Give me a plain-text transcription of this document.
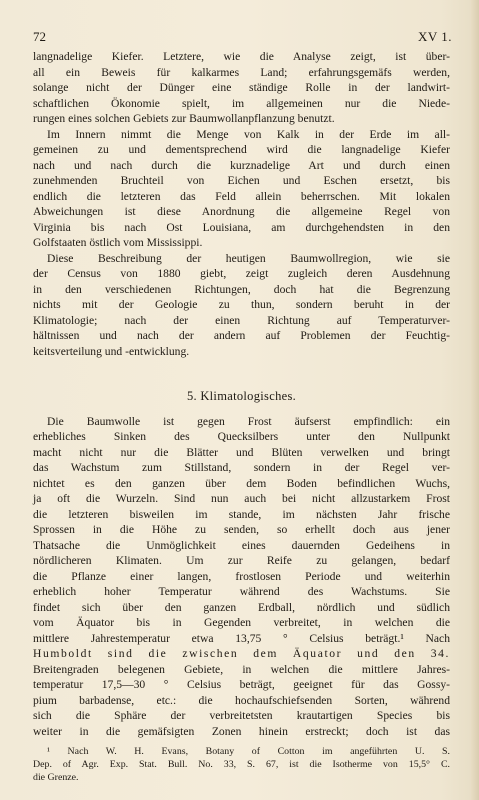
72	XV 1.

langnadelige Kiefer. Letztere, wie die Analyse zeigt, ist über-
all ein Beweis für kalkarmes Land; erfahrungsgemäfs werden,
solange nicht der Dünger eine ständige Rolle in der landwirt-
schaftlichen Ökonomie spielt, im allgemeinen nur die Niede-
rungen eines solchen Gebiets zur Baumwollanpflanzung benutzt.

Im Innern nimmt die Menge von Kalk in der Erde im all-
gemeinen zu und dementsprechend wird die langnadelige Kiefer
nach und nach durch die kurznadelige Art und durch einen
zunehmenden Bruchteil von Eichen und Eschen ersetzt, bis
endlich die letzteren das Feld allein beherrschen. Mit lokalen
Abweichungen ist diese Anordnung die allgemeine Regel von
Virginia bis nach Ost Louisiana, am durchgehendsten in den
Golfstaaten östlich vom Mississippi.

Diese Beschreibung der heutigen Baumwollregion, wie sie
der Census von 1880 giebt, zeigt zugleich deren Ausdehnung
in den verschiedenen Richtungen, doch hat die Begrenzung
nichts mit der Geologie zu thun, sondern beruht in der
Klimatologie; nach der einen Richtung auf Temperaturver-
hältnissen und nach der andern auf Problemen der Feuchtig-
keitsverteilung und -entwicklung.

5. Klimatologisches.

Die Baumwolle ist gegen Frost äufserst empfindlich: ein
erhebliches Sinken des Quecksilbers unter den Nullpunkt
macht nicht nur die Blätter und Blüten verwelken und bringt
das Wachstum zum Stillstand, sondern in der Regel ver-
nichtet es den ganzen über dem Boden befindlichen Wuchs,
ja oft die Wurzeln. Sind nun auch bei nicht allzustarkem Frost
die letzteren bisweilen im stande, im nächsten Jahr frische
Sprossen in die Höhe zu senden, so erhellt doch aus jener
Thatsache die Unmöglichkeit eines dauernden Gedeihens in
nördlicheren Klimaten. Um zur Reife zu gelangen, bedarf
die Pflanze einer langen, frostlosen Periode und weiterhin
erheblich hoher Temperatur während des Wachstums. Sie
findet sich über den ganzen Erdball, nördlich und südlich
vom Äquator bis in Gegenden verbreitet, in welchen die
mittlere Jahrestemperatur etwa 13,75 ° Celsius beträgt.¹ Nach
Humboldt sind die zwischen dem Äquator und den 34.
Breitengraden belegenen Gebiete, in welchen die mittlere Jahres-
temperatur 17,5—30 ° Celsius beträgt, geeignet für das Gossy-
pium barbadense, etc.: die hochaufschiefsenden Sorten, während
sich die Sphäre der verbreitetsten krautartigen Species bis
weiter in die gemäfsigten Zonen hinein erstreckt; doch ist das

¹ Nach W. H. Evans, Botany of Cotton im angeführten U. S.
Dep. of Agr. Exp. Stat. Bull. No. 33, S. 67, ist die Isotherme von 15,5° C.
die Grenze.
